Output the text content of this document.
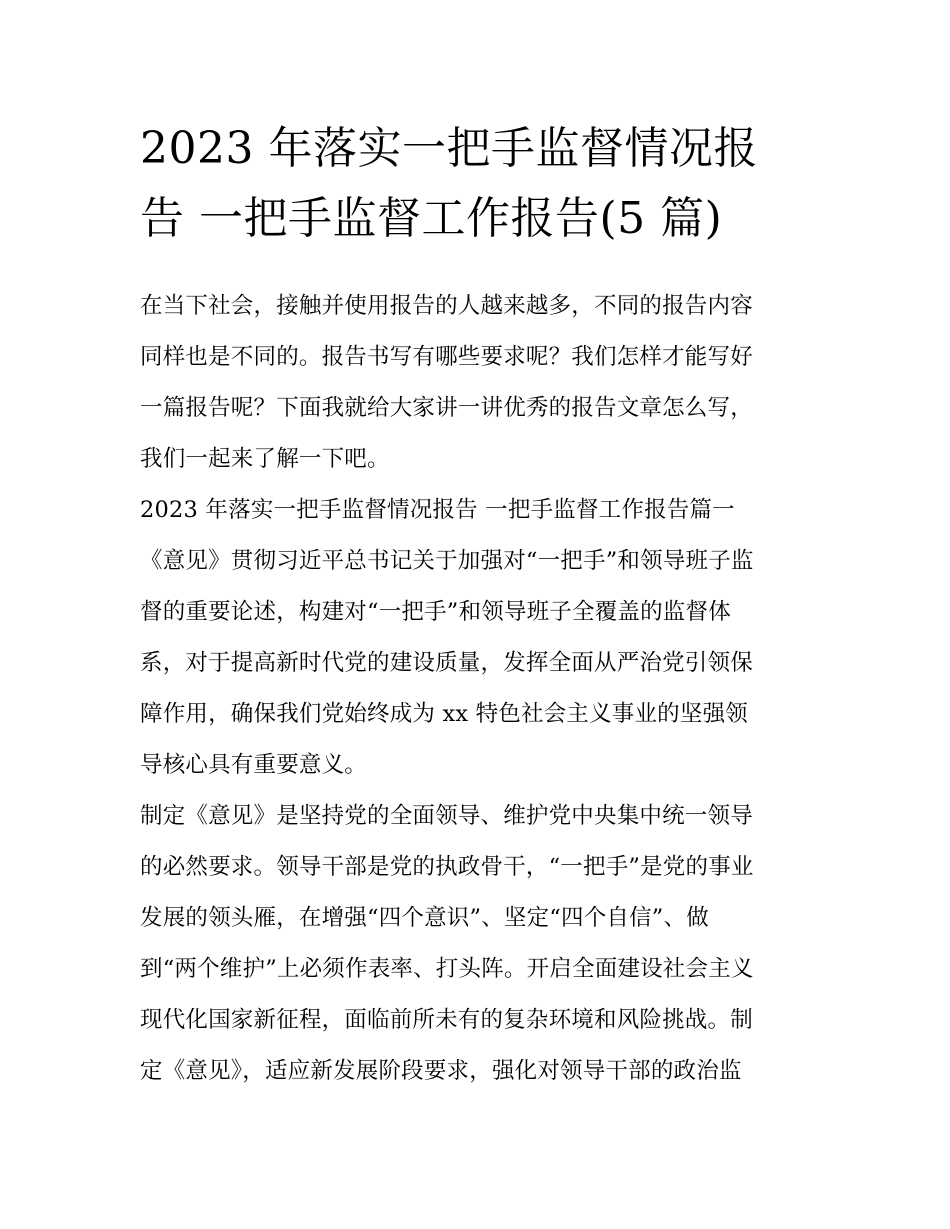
2023 年落实一把手监督情况报
告 一把手监督工作报告(5 篇)
在当下社会，接触并使用报告的人越来越多，不同的报告内容
同样也是不同的。报告书写有哪些要求呢？我们怎样才能写好
一篇报告呢？下面我就给大家讲一讲优秀的报告文章怎么写，
我们一起来了解一下吧。
2023 年落实一把手监督情况报告 一把手监督工作报告篇一
《意见》贯彻习近平总书记关于加强对“一把手”和领导班子监
督的重要论述，构建对“一把手”和领导班子全覆盖的监督体
系，对于提高新时代党的建设质量，发挥全面从严治党引领保
障作用，确保我们党始终成为 xx 特色社会主义事业的坚强领
导核心具有重要意义。
制定《意见》是坚持党的全面领导、维护党中央集中统一领导
的必然要求。领导干部是党的执政骨干，“一把手”是党的事业
发展的领头雁，在增强“四个意识”、坚定“四个自信”、做
到“两个维护”上必须作表率、打头阵。开启全面建设社会主义
现代化国家新征程，面临前所未有的复杂环境和风险挑战。制
定《意见》，适应新发展阶段要求，强化对领导干部的政治监
